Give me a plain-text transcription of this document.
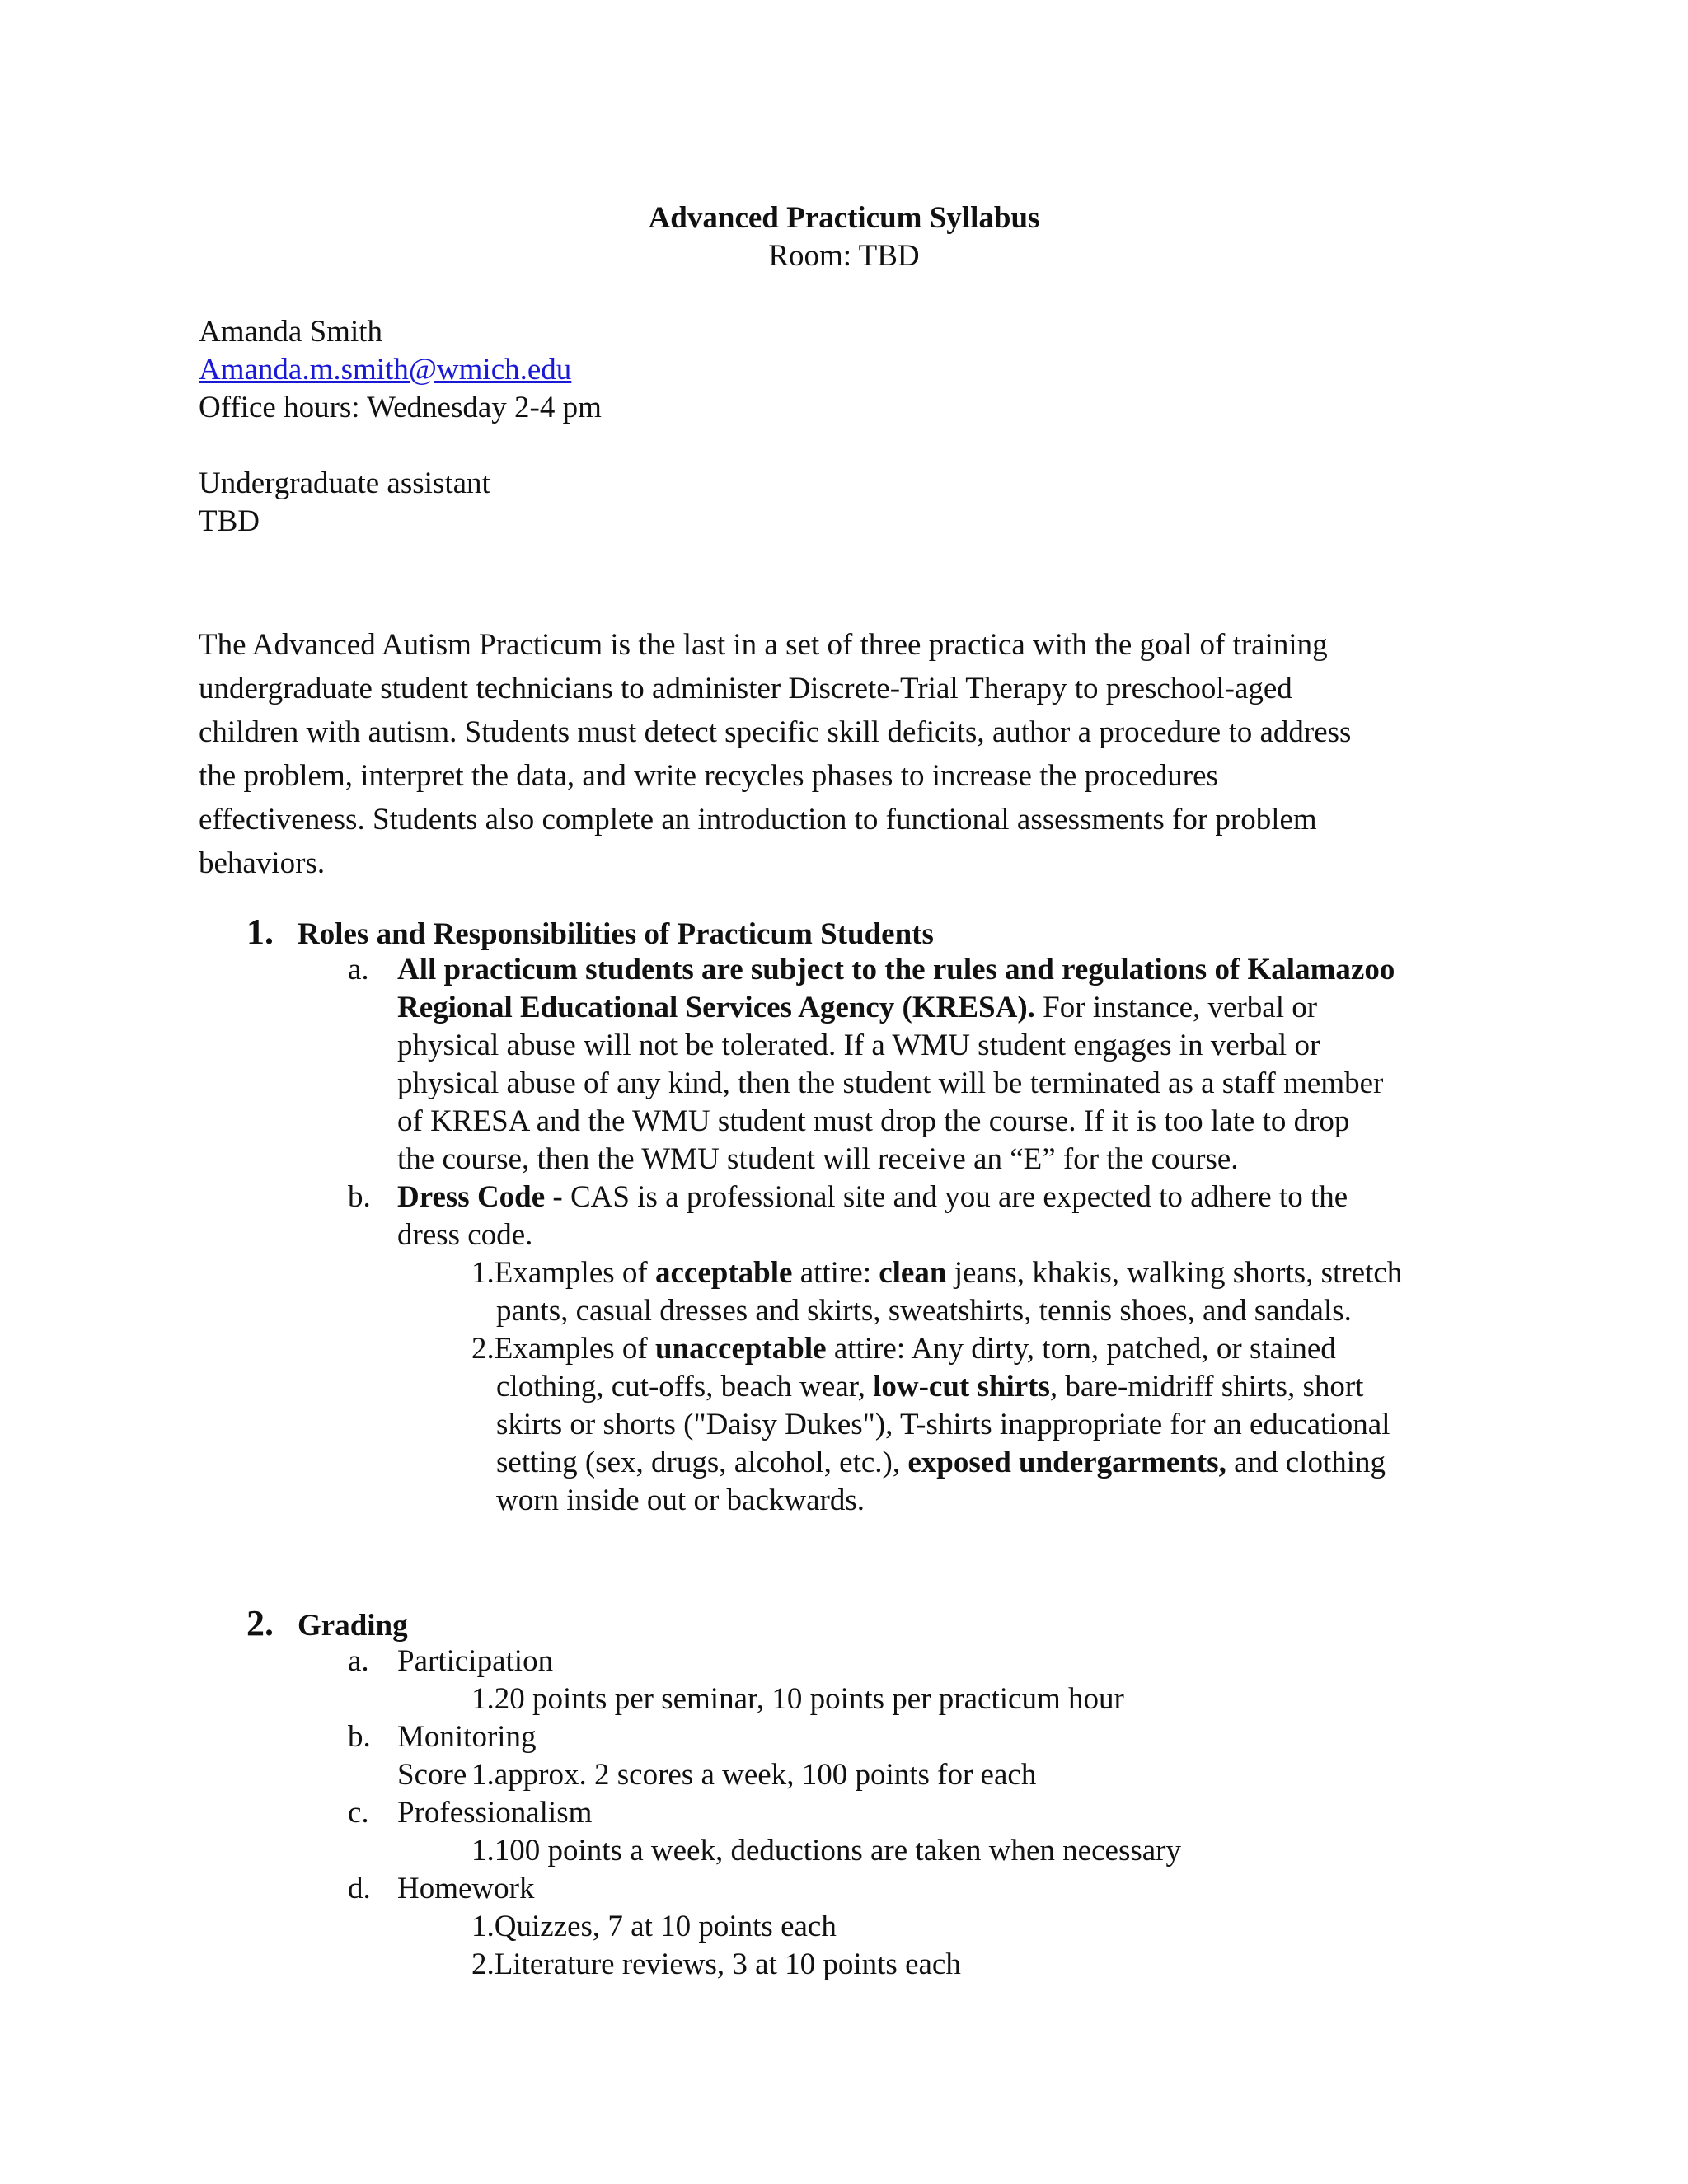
Advanced Practicum Syllabus
Room: TBD
Amanda Smith
Amanda.m.smith@wmich.edu
Office hours: Wednesday 2-4 pm
Undergraduate assistant
TBD
The Advanced Autism Practicum is the last in a set of three practica with the goal of training
undergraduate student technicians to administer Discrete-Trial Therapy to preschool-aged
children with autism. Students must detect specific skill deficits, author a procedure to address
the problem, interpret the data, and write recycles phases to increase the procedures
effectiveness. Students also complete an introduction to functional assessments for problem
behaviors.
1. Roles and Responsibilities of Practicum Students
a. All practicum students are subject to the rules and regulations of Kalamazoo
Regional Educational Services Agency (KRESA). For instance, verbal or
physical abuse will not be tolerated. If a WMU student engages in verbal or
physical abuse of any kind, then the student will be terminated as a staff member
of KRESA and the WMU student must drop the course. If it is too late to drop
the course, then the WMU student will receive an “E” for the course.
b. Dress Code - CAS is a professional site and you are expected to adhere to the
dress code.
1.Examples of acceptable attire: clean jeans, khakis, walking shorts, stretch
pants, casual dresses and skirts, sweatshirts, tennis shoes, and sandals.
2.Examples of unacceptable attire: Any dirty, torn, patched, or stained
clothing, cut-offs, beach wear, low-cut shirts, bare-midriff shirts, short
skirts or shorts ("Daisy Dukes"), T-shirts inappropriate for an educational
setting (sex, drugs, alcohol, etc.), exposed undergarments, and clothing
worn inside out or backwards.
2. Grading
a. Participation
1.20 points per seminar, 10 points per practicum hour
b. Monitoring Score 1.approx. 2 scores a week, 100 points for each
c. Professionalism
1.100 points a week, deductions are taken when necessary
d. Homework
1.Quizzes, 7 at 10 points each
2.Literature reviews, 3 at 10 points each
